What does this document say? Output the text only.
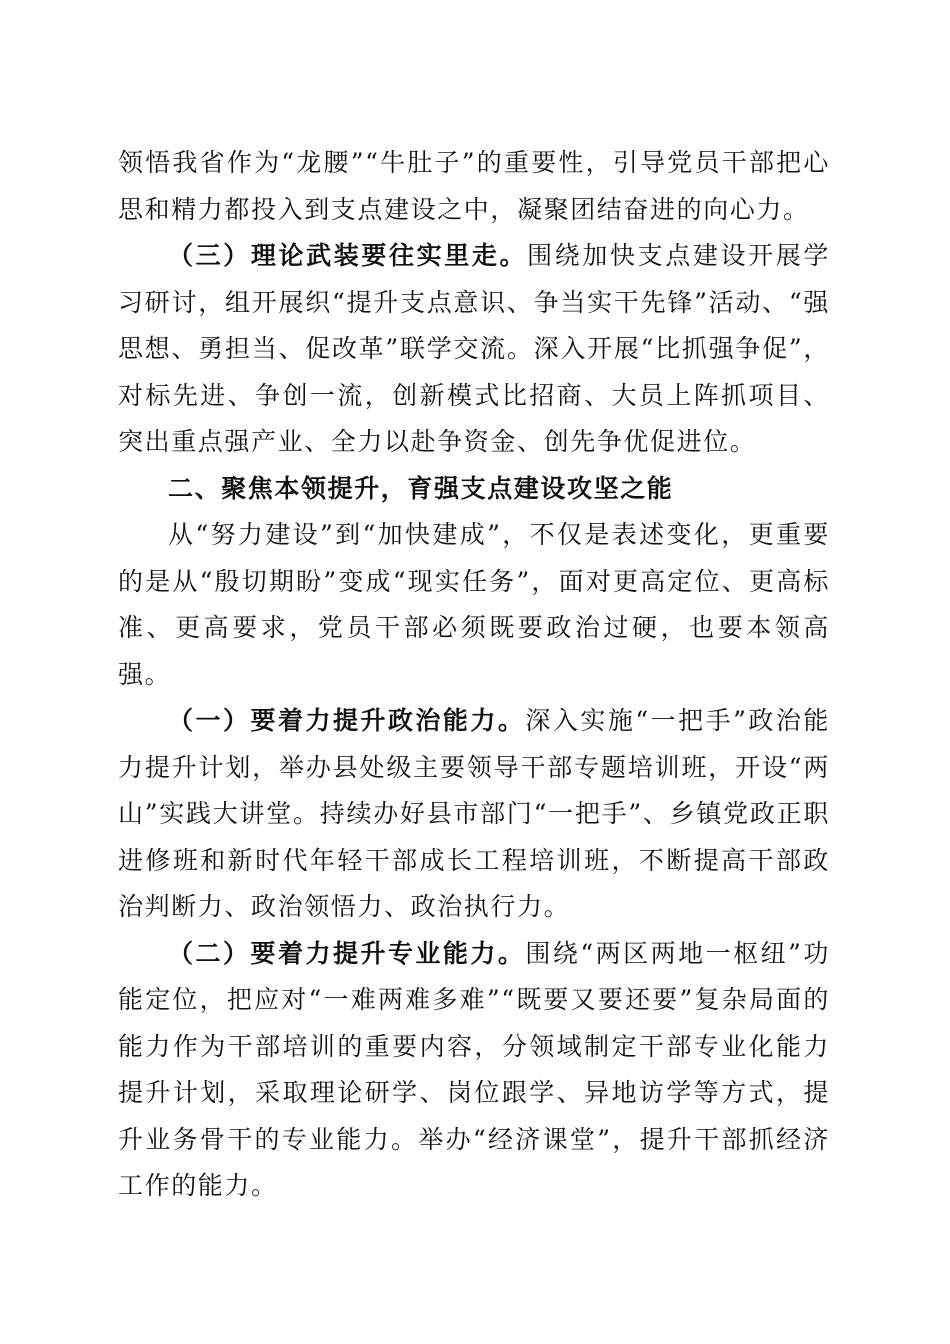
领悟我省作为“龙腰”“牛肚子”的重要性，引导党员干部把心思和精力都投入到支点建设之中，凝聚团结奋进的向心力。

（三）理论武装要往实里走。围绕加快支点建设开展学习研讨，组开展织“提升支点意识、争当实干先锋”活动、“强思想、勇担当、促改革”联学交流。深入开展“比抓强争促”，对标先进、争创一流，创新模式比招商、大员上阵抓项目、突出重点强产业、全力以赴争资金、创先争优促进位。

二、聚焦本领提升，育强支点建设攻坚之能

从“努力建设”到“加快建成”，不仅是表述变化，更重要的是从“殷切期盼”变成“现实任务”，面对更高定位、更高标准、更高要求，党员干部必须既要政治过硬，也要本领高强。

（一）要着力提升政治能力。深入实施“一把手”政治能力提升计划，举办县处级主要领导干部专题培训班，开设“两山”实践大讲堂。持续办好县市部门“一把手”、乡镇党政正职进修班和新时代年轻干部成长工程培训班，不断提高干部政治判断力、政治领悟力、政治执行力。

（二）要着力提升专业能力。围绕“两区两地一枢纽”功能定位，把应对“一难两难多难”“既要又要还要”复杂局面的能力作为干部培训的重要内容，分领域制定干部专业化能力提升计划，采取理论研学、岗位跟学、异地访学等方式，提升业务骨干的专业能力。举办“经济课堂”，提升干部抓经济工作的能力。
